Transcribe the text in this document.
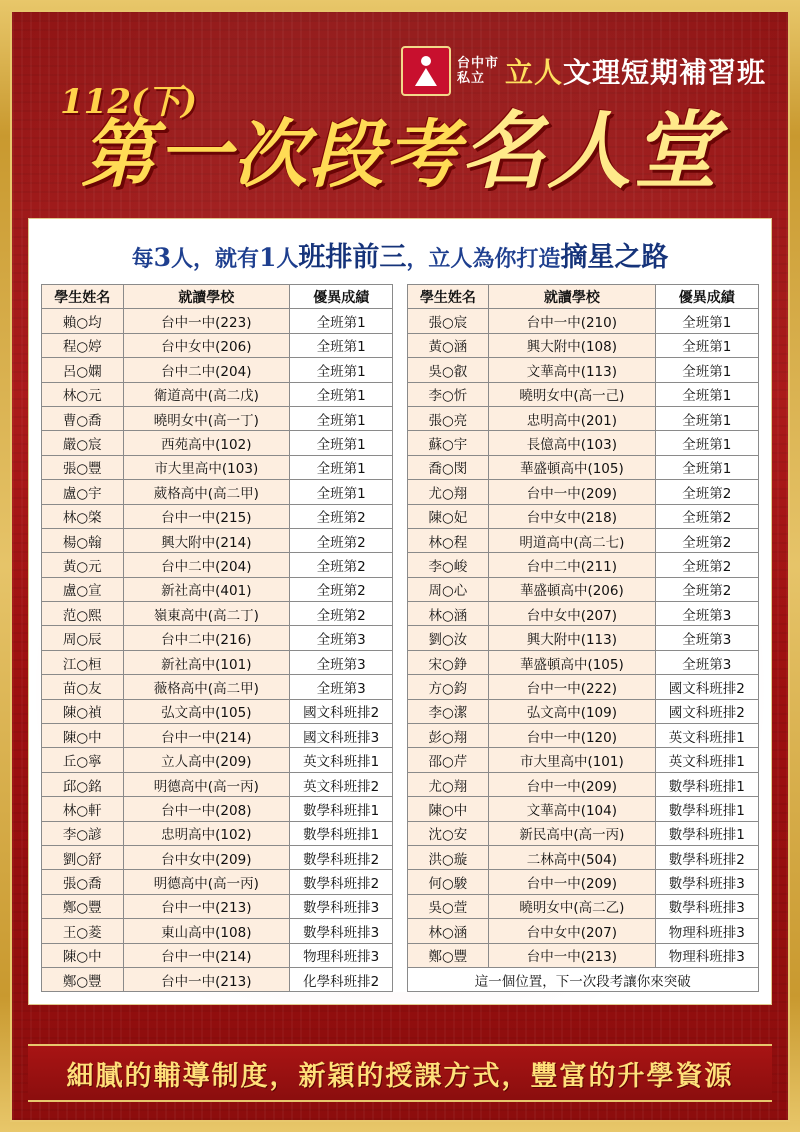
台中市
私立 立人文理短期補習班
112(下)
第一次段考名人堂
每3人，就有1人班排前三，立人為你打造摘星之路
學生姓名	就讀學校	優異成績		學生姓名	就讀學校	優異成績
賴○均	台中一中(223)	全班第1		張○宸	台中一中(210)	全班第1
程○婷	台中女中(206)	全班第1		黃○涵	興大附中(108)	全班第1
呂○嫻	台中二中(204)	全班第1		吳○叡	文華高中(113)	全班第1
林○元	衛道高中(高二戊)	全班第1		李○忻	曉明女中(高一己)	全班第1
曹○喬	曉明女中(高一丁)	全班第1		張○亮	忠明高中(201)	全班第1
嚴○宸	西苑高中(102)	全班第1		蘇○宇	長億高中(103)	全班第1
張○豐	市大里高中(103)	全班第1		喬○閔	華盛頓高中(105)	全班第1
盧○宇	葳格高中(高二甲)	全班第1		尤○翔	台中一中(209)	全班第2
林○棨	台中一中(215)	全班第2		陳○妃	台中女中(218)	全班第2
楊○翰	興大附中(214)	全班第2		林○程	明道高中(高二七)	全班第2
黃○元	台中二中(204)	全班第2		李○峻	台中二中(211)	全班第2
盧○宣	新社高中(401)	全班第2		周○心	華盛頓高中(206)	全班第2
范○熙	嶺東高中(高二丁)	全班第2		林○涵	台中女中(207)	全班第3
周○辰	台中二中(216)	全班第3		劉○汝	興大附中(113)	全班第3
江○桓	新社高中(101)	全班第3		宋○錚	華盛頓高中(105)	全班第3
苗○友	薇格高中(高二甲)	全班第3		方○鈞	台中一中(222)	國文科班排2
陳○禎	弘文高中(105)	國文科班排2		李○潔	弘文高中(109)	國文科班排2
陳○中	台中一中(214)	國文科班排3		彭○翔	台中一中(120)	英文科班排1
丘○寧	立人高中(209)	英文科班排1		邵○芹	市大里高中(101)	英文科班排1
邱○銘	明德高中(高一丙)	英文科班排2		尤○翔	台中一中(209)	數學科班排1
林○軒	台中一中(208)	數學科班排1		陳○中	文華高中(104)	數學科班排1
李○諺	忠明高中(102)	數學科班排1		沈○安	新民高中(高一丙)	數學科班排1
劉○舒	台中女中(209)	數學科班排2		洪○璇	二林高中(504)	數學科班排2
張○喬	明德高中(高一丙)	數學科班排2		何○駿	台中一中(209)	數學科班排3
鄭○豐	台中一中(213)	數學科班排3		吳○萱	曉明女中(高二乙)	數學科班排3
王○菱	東山高中(108)	數學科班排3		林○涵	台中女中(207)	物理科班排3
陳○中	台中一中(214)	物理科班排3		鄭○豐	台中一中(213)	物理科班排3
鄭○豐	台中一中(213)	化學科班排2		這一個位置，下一次段考讓你來突破		
細膩的輔導制度，新穎的授課方式，豐富的升學資源
